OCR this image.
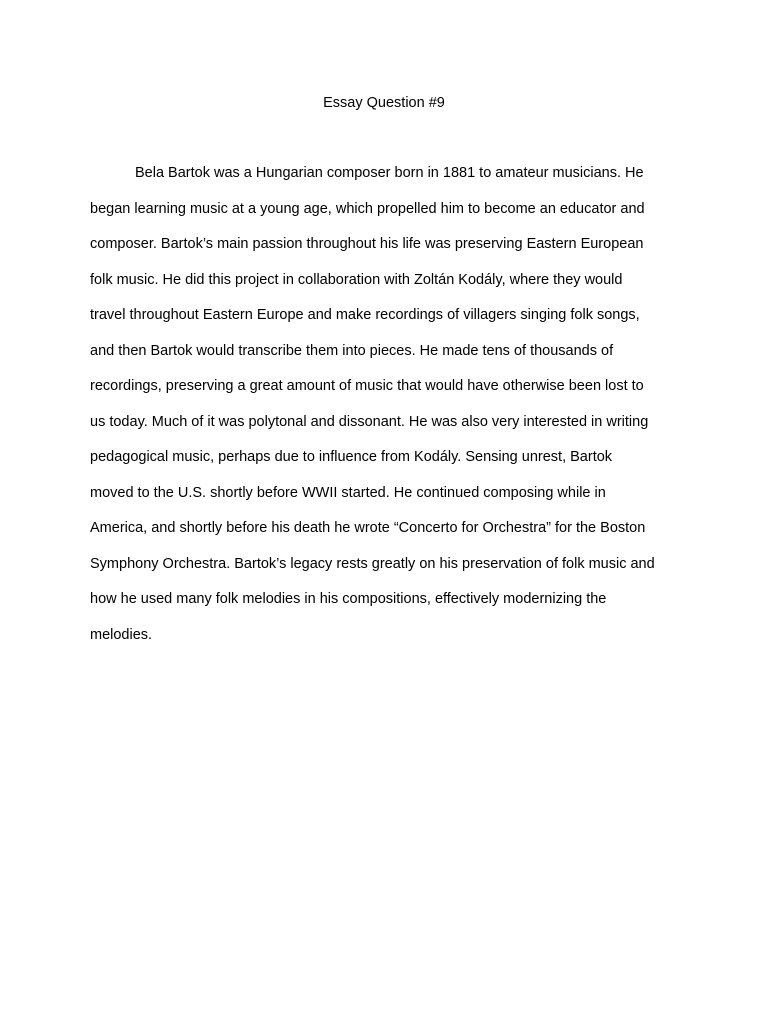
Essay Question #9
Bela Bartok was a Hungarian composer born in 1881 to amateur musicians. He
began learning music at a young age, which propelled him to become an educator and
composer. Bartok’s main passion throughout his life was preserving Eastern European
folk music. He did this project in collaboration with Zoltán Kodály, where they would
travel throughout Eastern Europe and make recordings of villagers singing folk songs,
and then Bartok would transcribe them into pieces. He made tens of thousands of
recordings, preserving a great amount of music that would have otherwise been lost to
us today. Much of it was polytonal and dissonant. He was also very interested in writing
pedagogical music, perhaps due to influence from Kodály. Sensing unrest, Bartok
moved to the U.S. shortly before WWII started. He continued composing while in
America, and shortly before his death he wrote “Concerto for Orchestra” for the Boston
Symphony Orchestra. Bartok’s legacy rests greatly on his preservation of folk music and
how he used many folk melodies in his compositions, effectively modernizing the
melodies.
